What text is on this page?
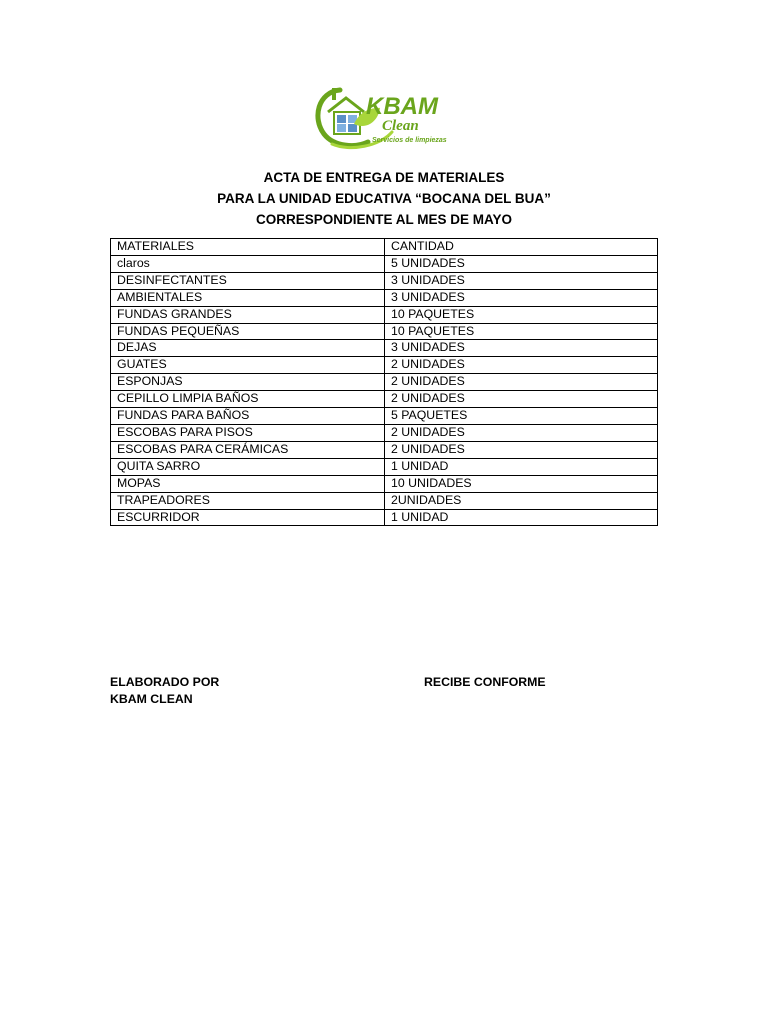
KBAM
Clean
Servicios de limpiezas
ACTA DE ENTREGA DE MATERIALES
PARA LA UNIDAD EDUCATIVA “BOCANA DEL BUA”
CORRESPONDIENTE AL MES DE MAYO
MATERIALES	CANTIDAD
claros	5 UNIDADES
DESINFECTANTES	3 UNIDADES
AMBIENTALES	3 UNIDADES
FUNDAS GRANDES	10 PAQUETES
FUNDAS PEQUEÑAS	10 PAQUETES
DEJAS	3 UNIDADES
GUATES	2 UNIDADES
ESPONJAS	2 UNIDADES
CEPILLO LIMPIA BAÑOS	2 UNIDADES
FUNDAS PARA BAÑOS	5 PAQUETES
ESCOBAS PARA PISOS	2 UNIDADES
ESCOBAS PARA CERÁMICAS	2 UNIDADES
QUITA SARRO	1 UNIDAD
MOPAS	10 UNIDADES
TRAPEADORES	2UNIDADES
ESCURRIDOR	1 UNIDAD
ELABORADO POR
KBAM CLEAN
RECIBE CONFORME
